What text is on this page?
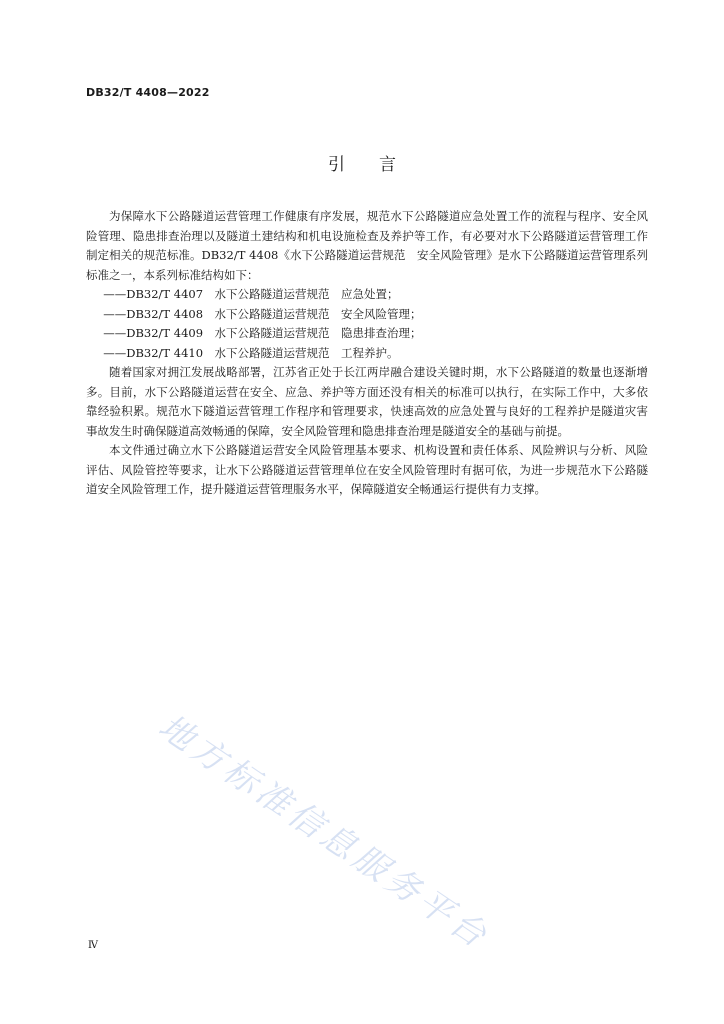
DB32/T 4408—2022
引言

为保障水下公路隧道运营管理工作健康有序发展，规范水下公路隧道应急处置工作的流程与程序、安全风险管理、隐患排查治理以及隧道土建结构和机电设施检查及养护等工作，有必要对水下公路隧道运营管理工作制定相关的规范标准。DB32/T 4408《水下公路隧道运营规范　安全风险管理》是水下公路隧道运营管理系列标准之一，本系列标准结构如下：

——DB32/T 4407　水下公路隧道运营规范　应急处置；

——DB32/T 4408　水下公路隧道运营规范　安全风险管理；

——DB32/T 4409　水下公路隧道运营规范　隐患排查治理；

——DB32/T 4410　水下公路隧道运营规范　工程养护。

随着国家对拥江发展战略部署，江苏省正处于长江两岸融合建设关键时期，水下公路隧道的数量也逐渐增多。目前，水下公路隧道运营在安全、应急、养护等方面还没有相关的标准可以执行，在实际工作中，大多依靠经验积累。规范水下隧道运营管理工作程序和管理要求，快速高效的应急处置与良好的工程养护是隧道灾害事故发生时确保隧道高效畅通的保障，安全风险管理和隐患排查治理是隧道安全的基础与前提。

本文件通过确立水下公路隧道运营安全风险管理基本要求、机构设置和责任体系、风险辨识与分析、风险评估、风险管控等要求，让水下公路隧道运营管理单位在安全风险管理时有据可依，为进一步规范水下公路隧道安全风险管理工作，提升隧道运营管理服务水平，保障隧道安全畅通运行提供有力支撑。

地方标准信息服务平台
Ⅳ
